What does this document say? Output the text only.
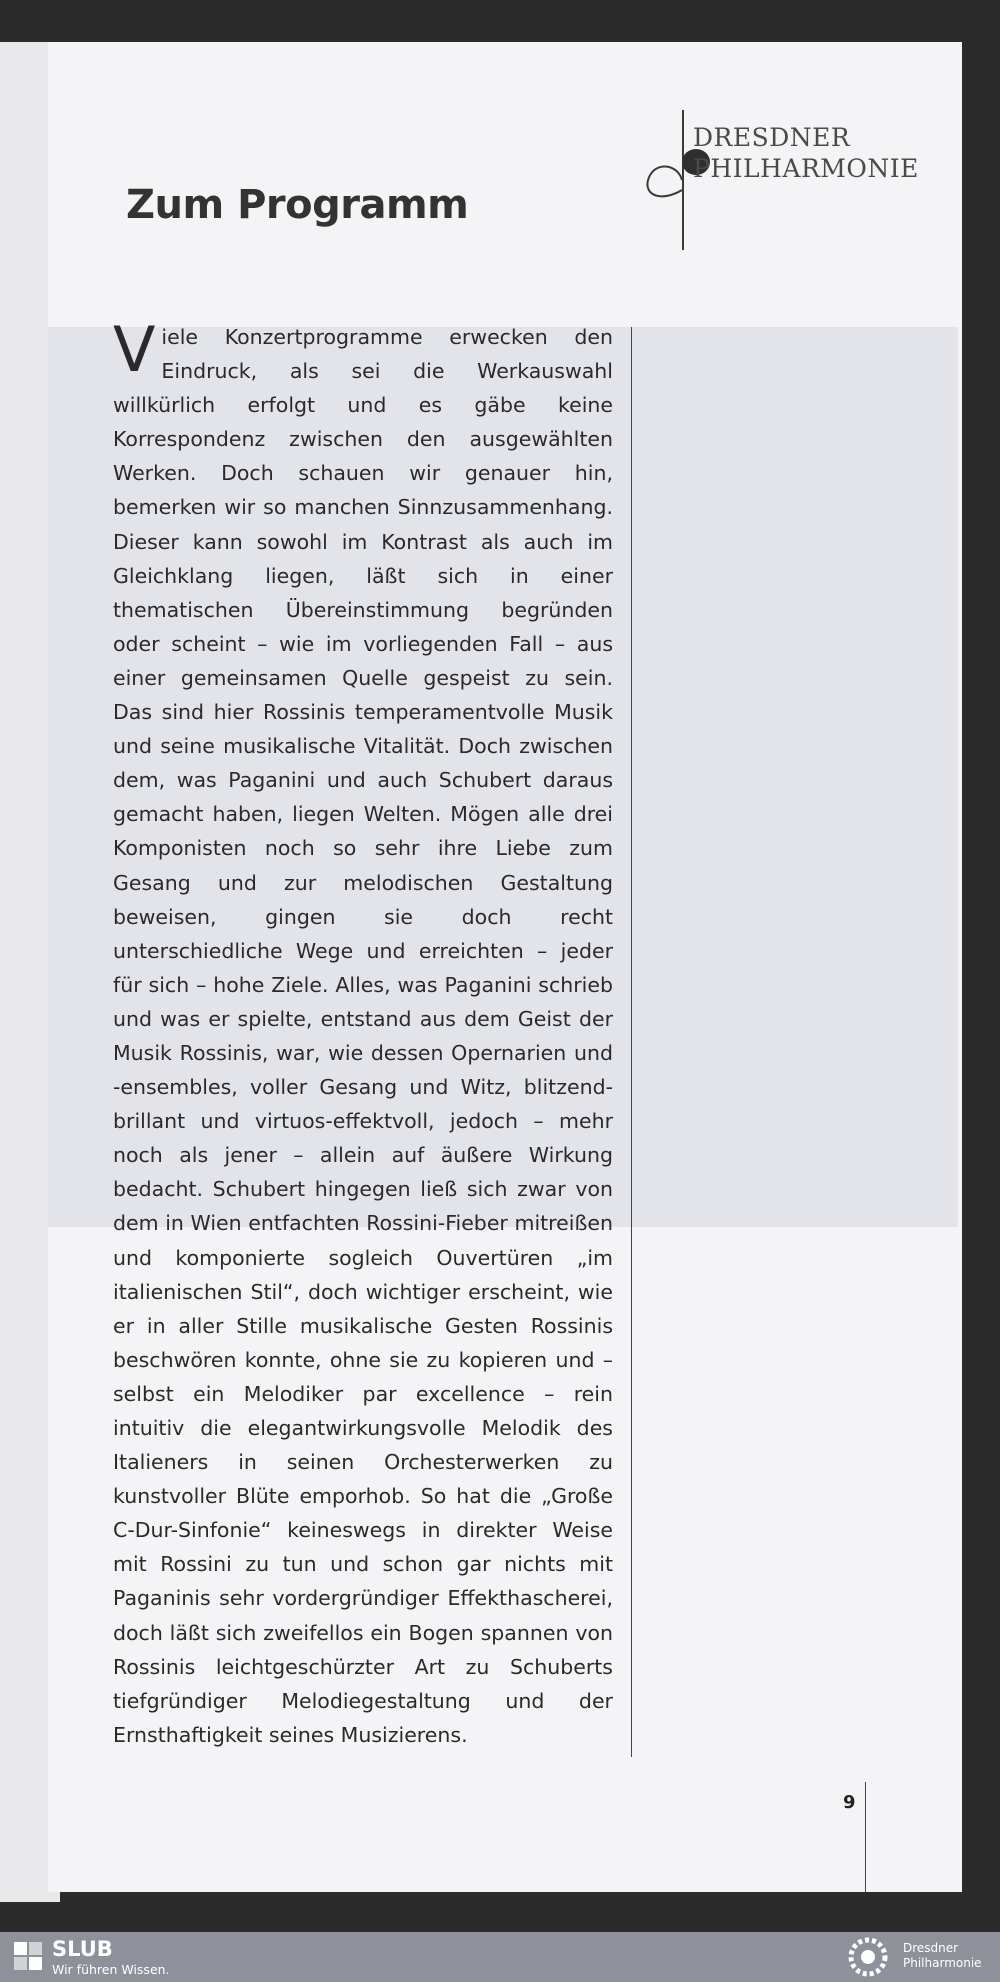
Zum Programm
DRESDNER
PHILHARMONIE

Viele Konzertprogramme erwecken den Eindruck, als sei die Werkauswahl willkürlich erfolgt und es gäbe keine Korrespondenz zwischen den ausgewählten Werken. Doch schauen wir genauer hin, bemerken wir so manchen Sinnzusammenhang. Dieser kann sowohl im Kontrast als auch im Gleichklang liegen, läßt sich in einer thematischen Übereinstimmung begründen oder scheint – wie im vorliegenden Fall – aus einer gemeinsamen Quelle gespeist zu sein. Das sind hier Rossinis temperamentvolle Musik und seine musikalische Vitalität. Doch zwischen dem, was Paganini und auch Schubert daraus gemacht haben, liegen Welten. Mögen alle drei Komponisten noch so sehr ihre Liebe zum Gesang und zur melodischen Gestaltung beweisen, gingen sie doch recht unterschiedliche Wege und erreichten – jeder für sich – hohe Ziele. Alles, was Paganini schrieb und was er spielte, entstand aus dem Geist der Musik Rossinis, war, wie dessen Opernarien und -ensembles, voller Gesang und Witz, blitzend-brillant und virtuos-effektvoll, jedoch – mehr noch als jener – allein auf äußere Wirkung bedacht. Schubert hingegen ließ sich zwar von dem in Wien entfachten Rossini-Fieber mitreißen und komponierte sogleich Ouvertüren „im italienischen Stil“, doch wichtiger erscheint, wie er in aller Stille musikalische Gesten Rossinis beschwören konnte, ohne sie zu kopieren und – selbst ein Melodiker par excellence – rein intuitiv die elegantwirkungsvolle Melodik des Italieners in seinen Orchesterwerken zu kunstvoller Blüte emporhob. So hat die „Große C-Dur-Sinfonie“ keineswegs in direkter Weise mit Rossini zu tun und schon gar nichts mit Paganinis sehr vordergründiger Effekthascherei, doch läßt sich zweifellos ein Bogen spannen von Rossinis leichtgeschürzter Art zu Schuberts tiefgründiger Melodiegestaltung und der Ernsthaftigkeit seines Musizierens.

9
SLUB
Wir führen Wissen.
Dresdner
Philharmonie
